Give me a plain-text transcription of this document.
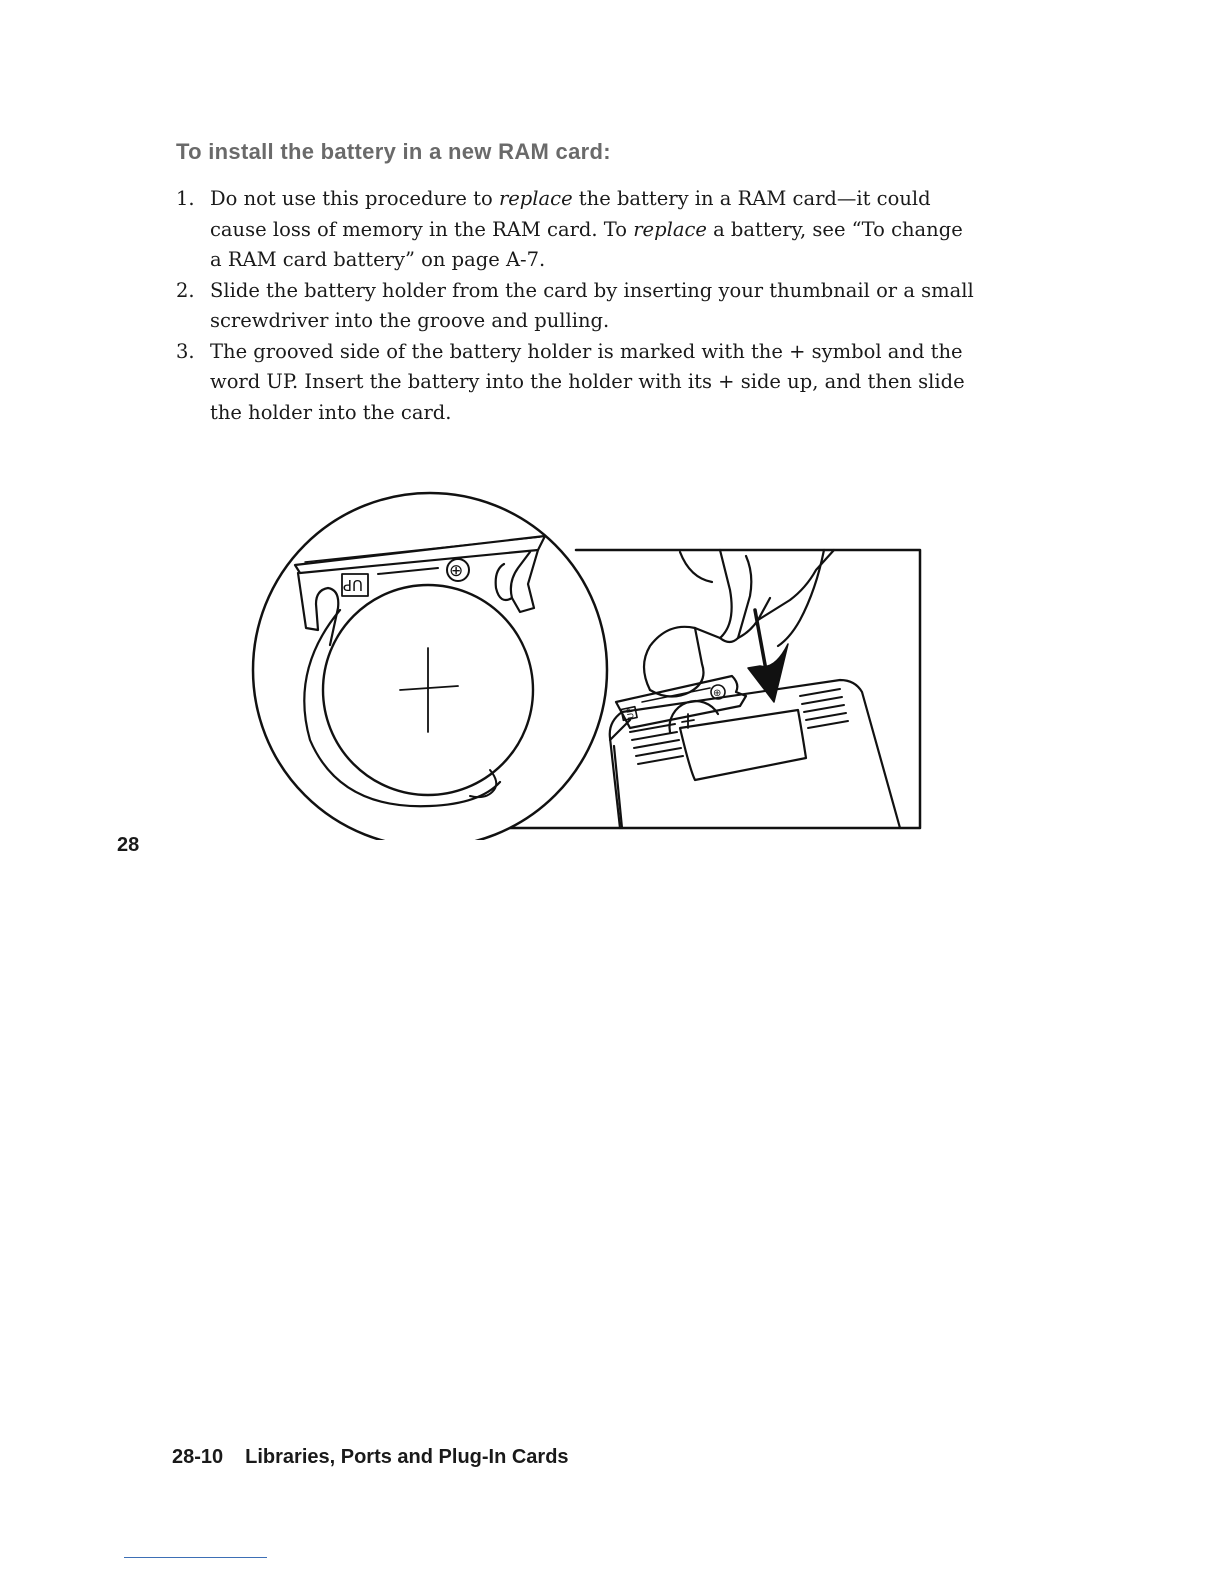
To install the battery in a new RAM card:
1. Do not use this procedure to replace the battery in a RAM card—it could cause loss of memory in the RAM card. To replace a battery, see “To change a RAM card battery” on page A-7.
2. Slide the battery holder from the card by inserting your thumbnail or a small screwdriver into the groove and pulling.
3. The grooved side of the battery holder is marked with the + symbol and the word UP. Insert the battery into the holder with its + side up, and then slide the holder into the card.
UP
⊕
UP
⊕
+
28
28-10 Libraries, Ports and Plug-In Cards
